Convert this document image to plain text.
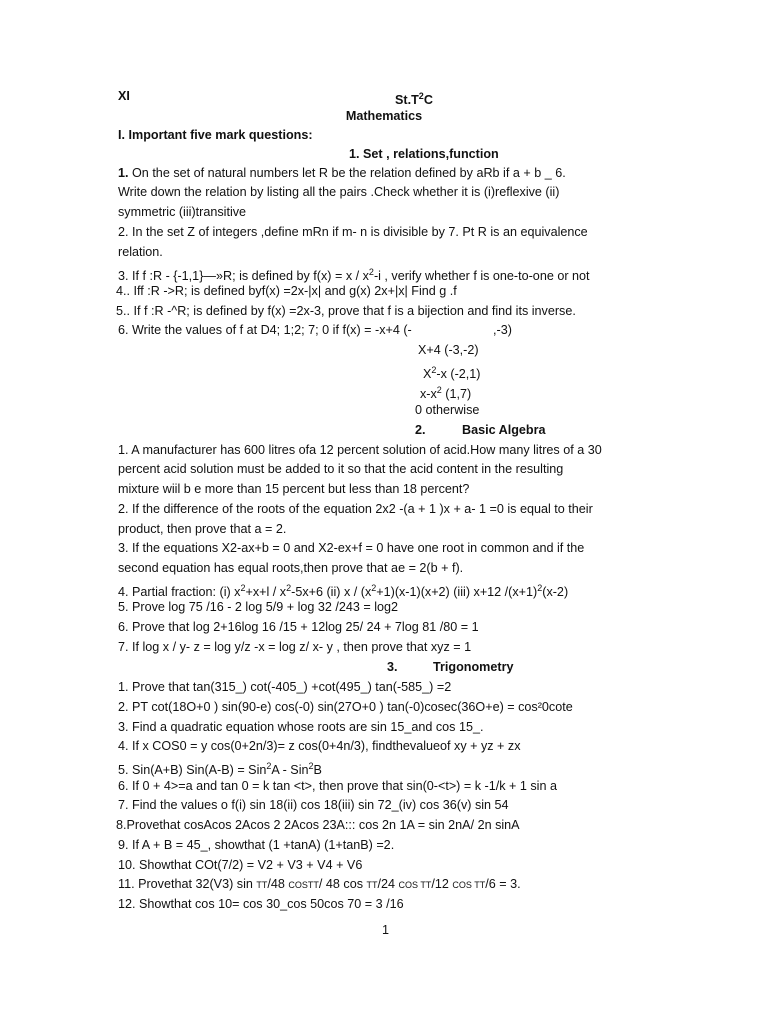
XI	$St.T^2C$
Mathematics
I. Important five mark questions:
1. Set , relations,function
1. On the set of natural numbers let R be the relation defined by aRb if a + b _ 6.
Write down the relation by listing all the pairs .Check whether it is (i)reflexive (ii)
symmetric (iii)transitive
2. In the set Z of integers ,define mRn if m- n is divisible by 7. Pt R is an equivalence
relation.
3. If f :R - {-1,1}—»R; is defined by $f(x) = x / x^2-i$ , verify whether f is one-to-one or not
4.. Iff :R ->R; is defined byf(x) =2x-|x| and g(x) 2x+|x| Find g .f
5.. If f :R -^R; is defined by f(x) =2x-3, prove that f is a bijection and find its inverse.
6. Write the values of f at D4; 1;2; 7; 0 if f(x) = -x+4 (-	,-3)
X+4 (-3,-2)
$X^2-x$ (-2,1)
$x-x^2$ (1,7)
0 otherwise
2.	Basic Algebra
1. A manufacturer has 600 litres ofa 12 percent solution of acid.How many litres of a 30
percent acid solution must be added to it so that the acid content in the resulting
mixture wiil b e more than 15 percent but less than 18 percent?
2. If the difference of the roots of the equation 2x2 -(a + 1 )x + a- 1 =0 is equal to their
product, then prove that a = 2.
3. If the equations X2-ax+b = 0 and X2-ex+f = 0 have one root in common and if the
second equation has equal roots,then prove that ae = 2(b + f).
4. Partial fraction: (i) $x^2+x+l / x^2-5x+6$ (ii) $x / (x^2+1)(x-1)(x+2)$ (iii) x+12 $/(x+1)^2(x-2)$
5. Prove log 75 /16 - 2 log 5/9 + log 32 /243 = log2
6. Prove that log 2+16log 16 /15 + 12log 25/ 24 + 7log 81 /80 = 1
7. If log x / y- z = log y/z -x = log z/ x- y , then prove that xyz = 1
3.	Trigonometry
1. Prove that tan(315_) cot(-405_) +cot(495_) tan(-585_) =2
2. PT cot(18O+0 ) sin(90-e) cos(-0) sin(27O+0 ) tan(-0)cosec(36O+e) = cos²0cote
3. Find a quadratic equation whose roots are sin 15_and cos 15_.
4. If x COS0 = y cos(0+2n/3)= z cos(0+4n/3), findthevalueof xy + yz + zx
5. Sin(A+B) Sin(A-B) = Sin$^2$A - Sin$^2$B
6. If 0 + 4>=a and tan 0 = k tan <t>, then prove that sin(0-<t>) = k -1/k + 1 sin a
7. Find the values o f(i) sin 18(ii) cos 18(iii) sin 72_(iv) cos 36(v) sin 54
8.Provethat cosAcos 2Acos 2 2Acos 23A::: cos 2n 1A = sin 2nA/ 2n sinA
9. If A + B = 45_, showthat (1 +tanA) (1+tanB) =2.
10. Showthat COt(7/2) = V2 + V3 + V4 + V6
11. Provethat 32(V3) sin TT/48 COSTT/ 48 cos TT/24 COS TT/12 COS TT/6 = 3.
12. Showthat cos 10= cos 30_cos 50cos 70 = 3 /16
1
